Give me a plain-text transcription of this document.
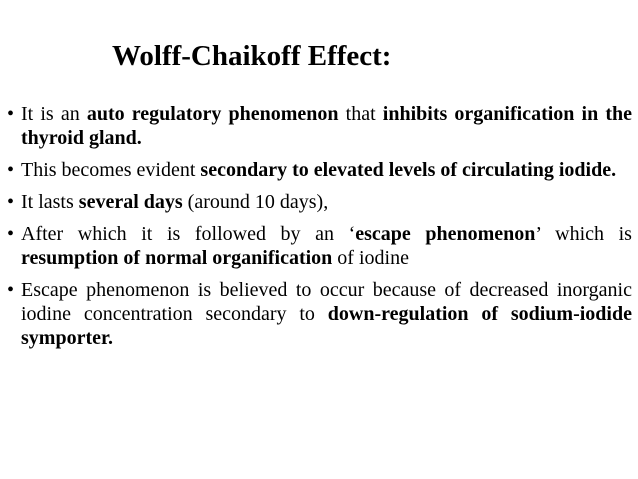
Wolff-Chaikoff Effect:
• It is an auto regulatory phenomenon that inhibits organification in the thyroid gland.
• This becomes evident secondary to elevated levels of circulating iodide.
• It lasts several days (around 10 days),
• After which it is followed by an ‘escape phenomenon’ which is resumption of normal organification of iodine
• Escape phenomenon is believed to occur because of decreased inorganic iodine concentration secondary to down-regulation of sodium-iodide symporter.
